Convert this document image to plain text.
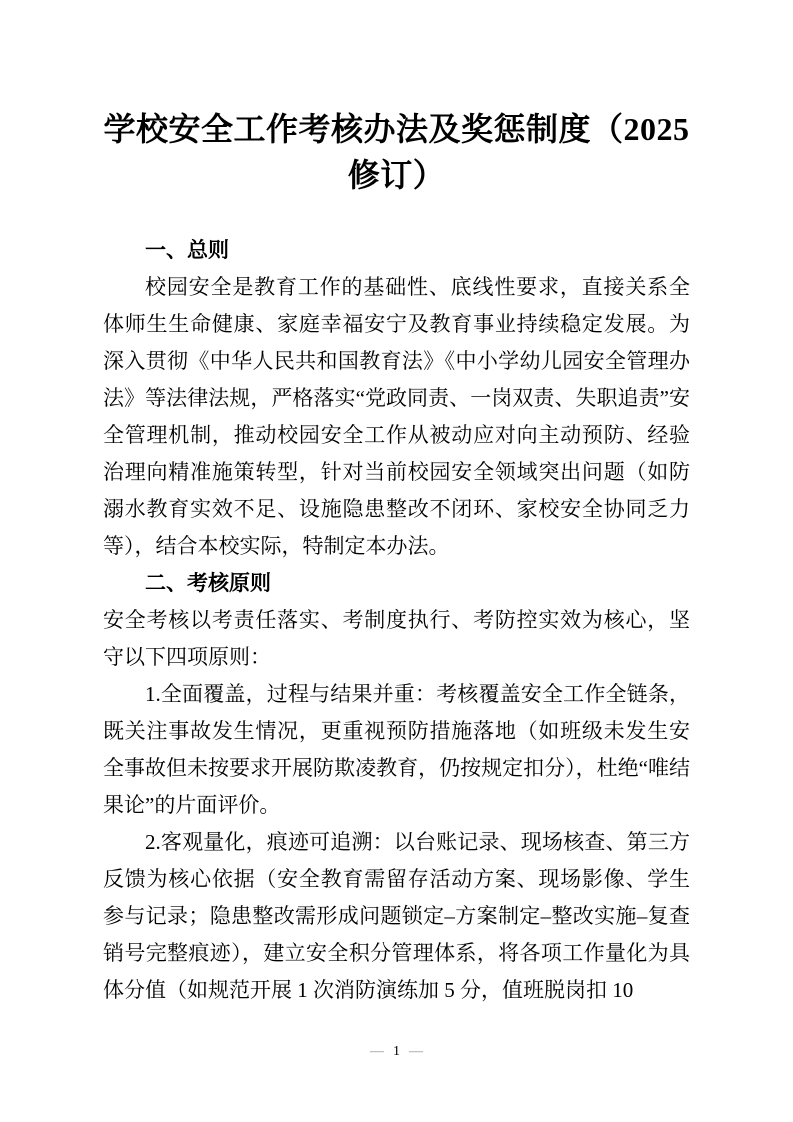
学校安全工作考核办法及奖惩制度（2025
修订）
一、总则

校园安全是教育工作的基础性、底线性要求，直接关系全体师生生命健康、家庭幸福安宁及教育事业持续稳定发展。为深入贯彻《中华人民共和国教育法》《中小学幼儿园安全管理办法》等法律法规，严格落实“党政同责、一岗双责、失职追责”安全管理机制，推动校园安全工作从被动应对向主动预防、经验治理向精准施策转型，针对当前校园安全领域突出问题（如防溺水教育实效不足、设施隐患整改不闭环、家校安全协同乏力等），结合本校实际，特制定本办法。

二、考核原则

安全考核以考责任落实、考制度执行、考防控实效为核心，坚守以下四项原则：

1.全面覆盖，过程与结果并重：考核覆盖安全工作全链条，既关注事故发生情况，更重视预防措施落地（如班级未发生安全事故但未按要求开展防欺凌教育，仍按规定扣分），杜绝“唯结果论”的片面评价。

2.客观量化，痕迹可追溯：以台账记录、现场核查、第三方反馈为核心依据（安全教育需留存活动方案、现场影像、学生参与记录；隐患整改需形成问题锁定–方案制定–整改实施–复查销号完整痕迹），建立安全积分管理体系，将各项工作量化为具体分值（如规范开展 1 次消防演练加 5 分，值班脱岗扣 10

— 1 —
